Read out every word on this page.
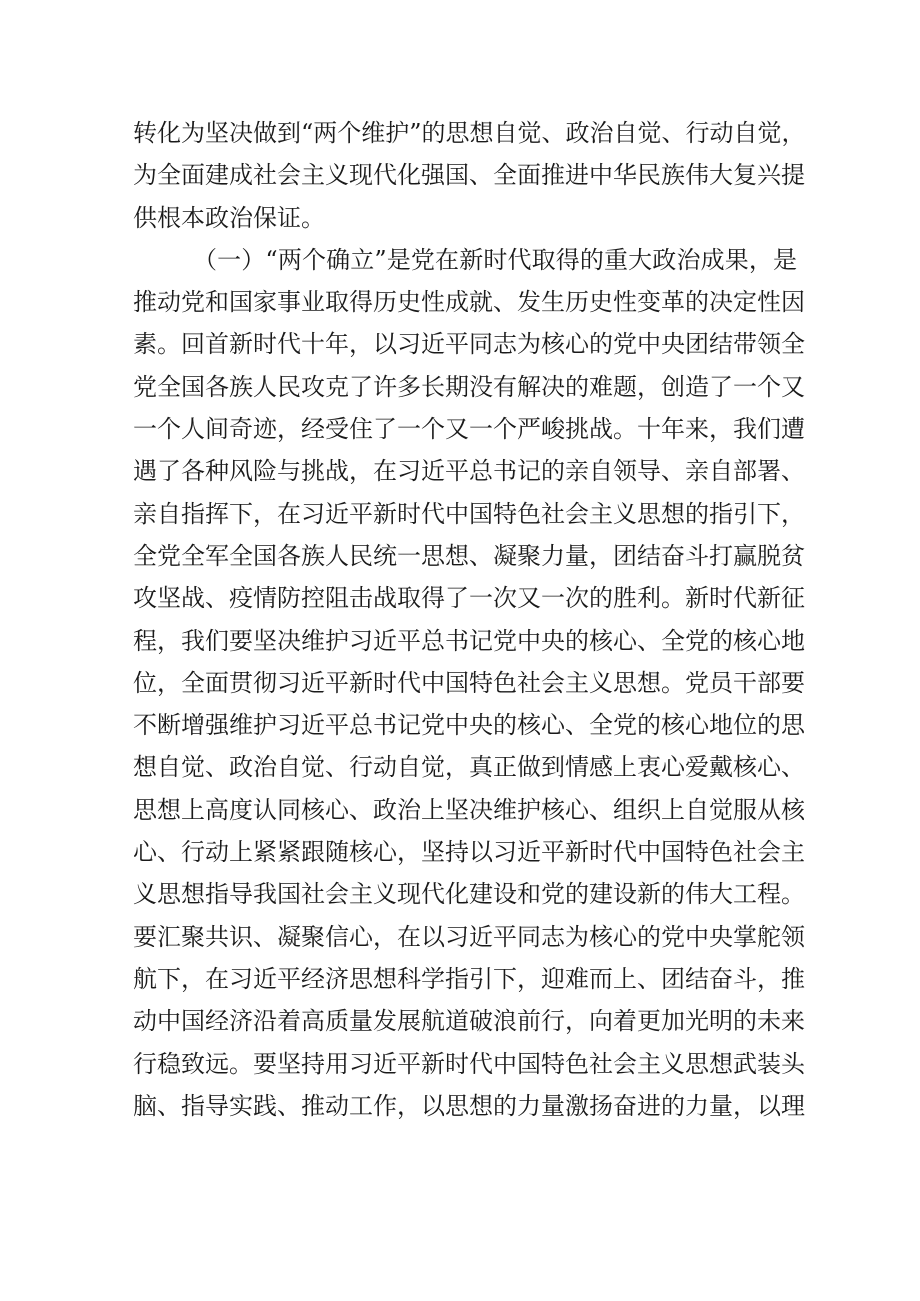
转化为坚决做到“两个维护”的思想自觉、政治自觉、行动自觉，
为全面建成社会主义现代化强国、全面推进中华民族伟大复兴提
供根本政治保证。
（一）“两个确立”是党在新时代取得的重大政治成果，是
推动党和国家事业取得历史性成就、发生历史性变革的决定性因
素。回首新时代十年，以习近平同志为核心的党中央团结带领全
党全国各族人民攻克了许多长期没有解决的难题，创造了一个又
一个人间奇迹，经受住了一个又一个严峻挑战。十年来，我们遭
遇了各种风险与挑战，在习近平总书记的亲自领导、亲自部署、
亲自指挥下，在习近平新时代中国特色社会主义思想的指引下，
全党全军全国各族人民统一思想、凝聚力量，团结奋斗打赢脱贫
攻坚战、疫情防控阻击战取得了一次又一次的胜利。新时代新征
程，我们要坚决维护习近平总书记党中央的核心、全党的核心地
位，全面贯彻习近平新时代中国特色社会主义思想。党员干部要
不断增强维护习近平总书记党中央的核心、全党的核心地位的思
想自觉、政治自觉、行动自觉，真正做到情感上衷心爱戴核心、
思想上高度认同核心、政治上坚决维护核心、组织上自觉服从核
心、行动上紧紧跟随核心，坚持以习近平新时代中国特色社会主
义思想指导我国社会主义现代化建设和党的建设新的伟大工程。
要汇聚共识、凝聚信心，在以习近平同志为核心的党中央掌舵领
航下，在习近平经济思想科学指引下，迎难而上、团结奋斗，推
动中国经济沿着高质量发展航道破浪前行，向着更加光明的未来
行稳致远。要坚持用习近平新时代中国特色社会主义思想武装头
脑、指导实践、推动工作，以思想的力量激扬奋进的力量，以理
